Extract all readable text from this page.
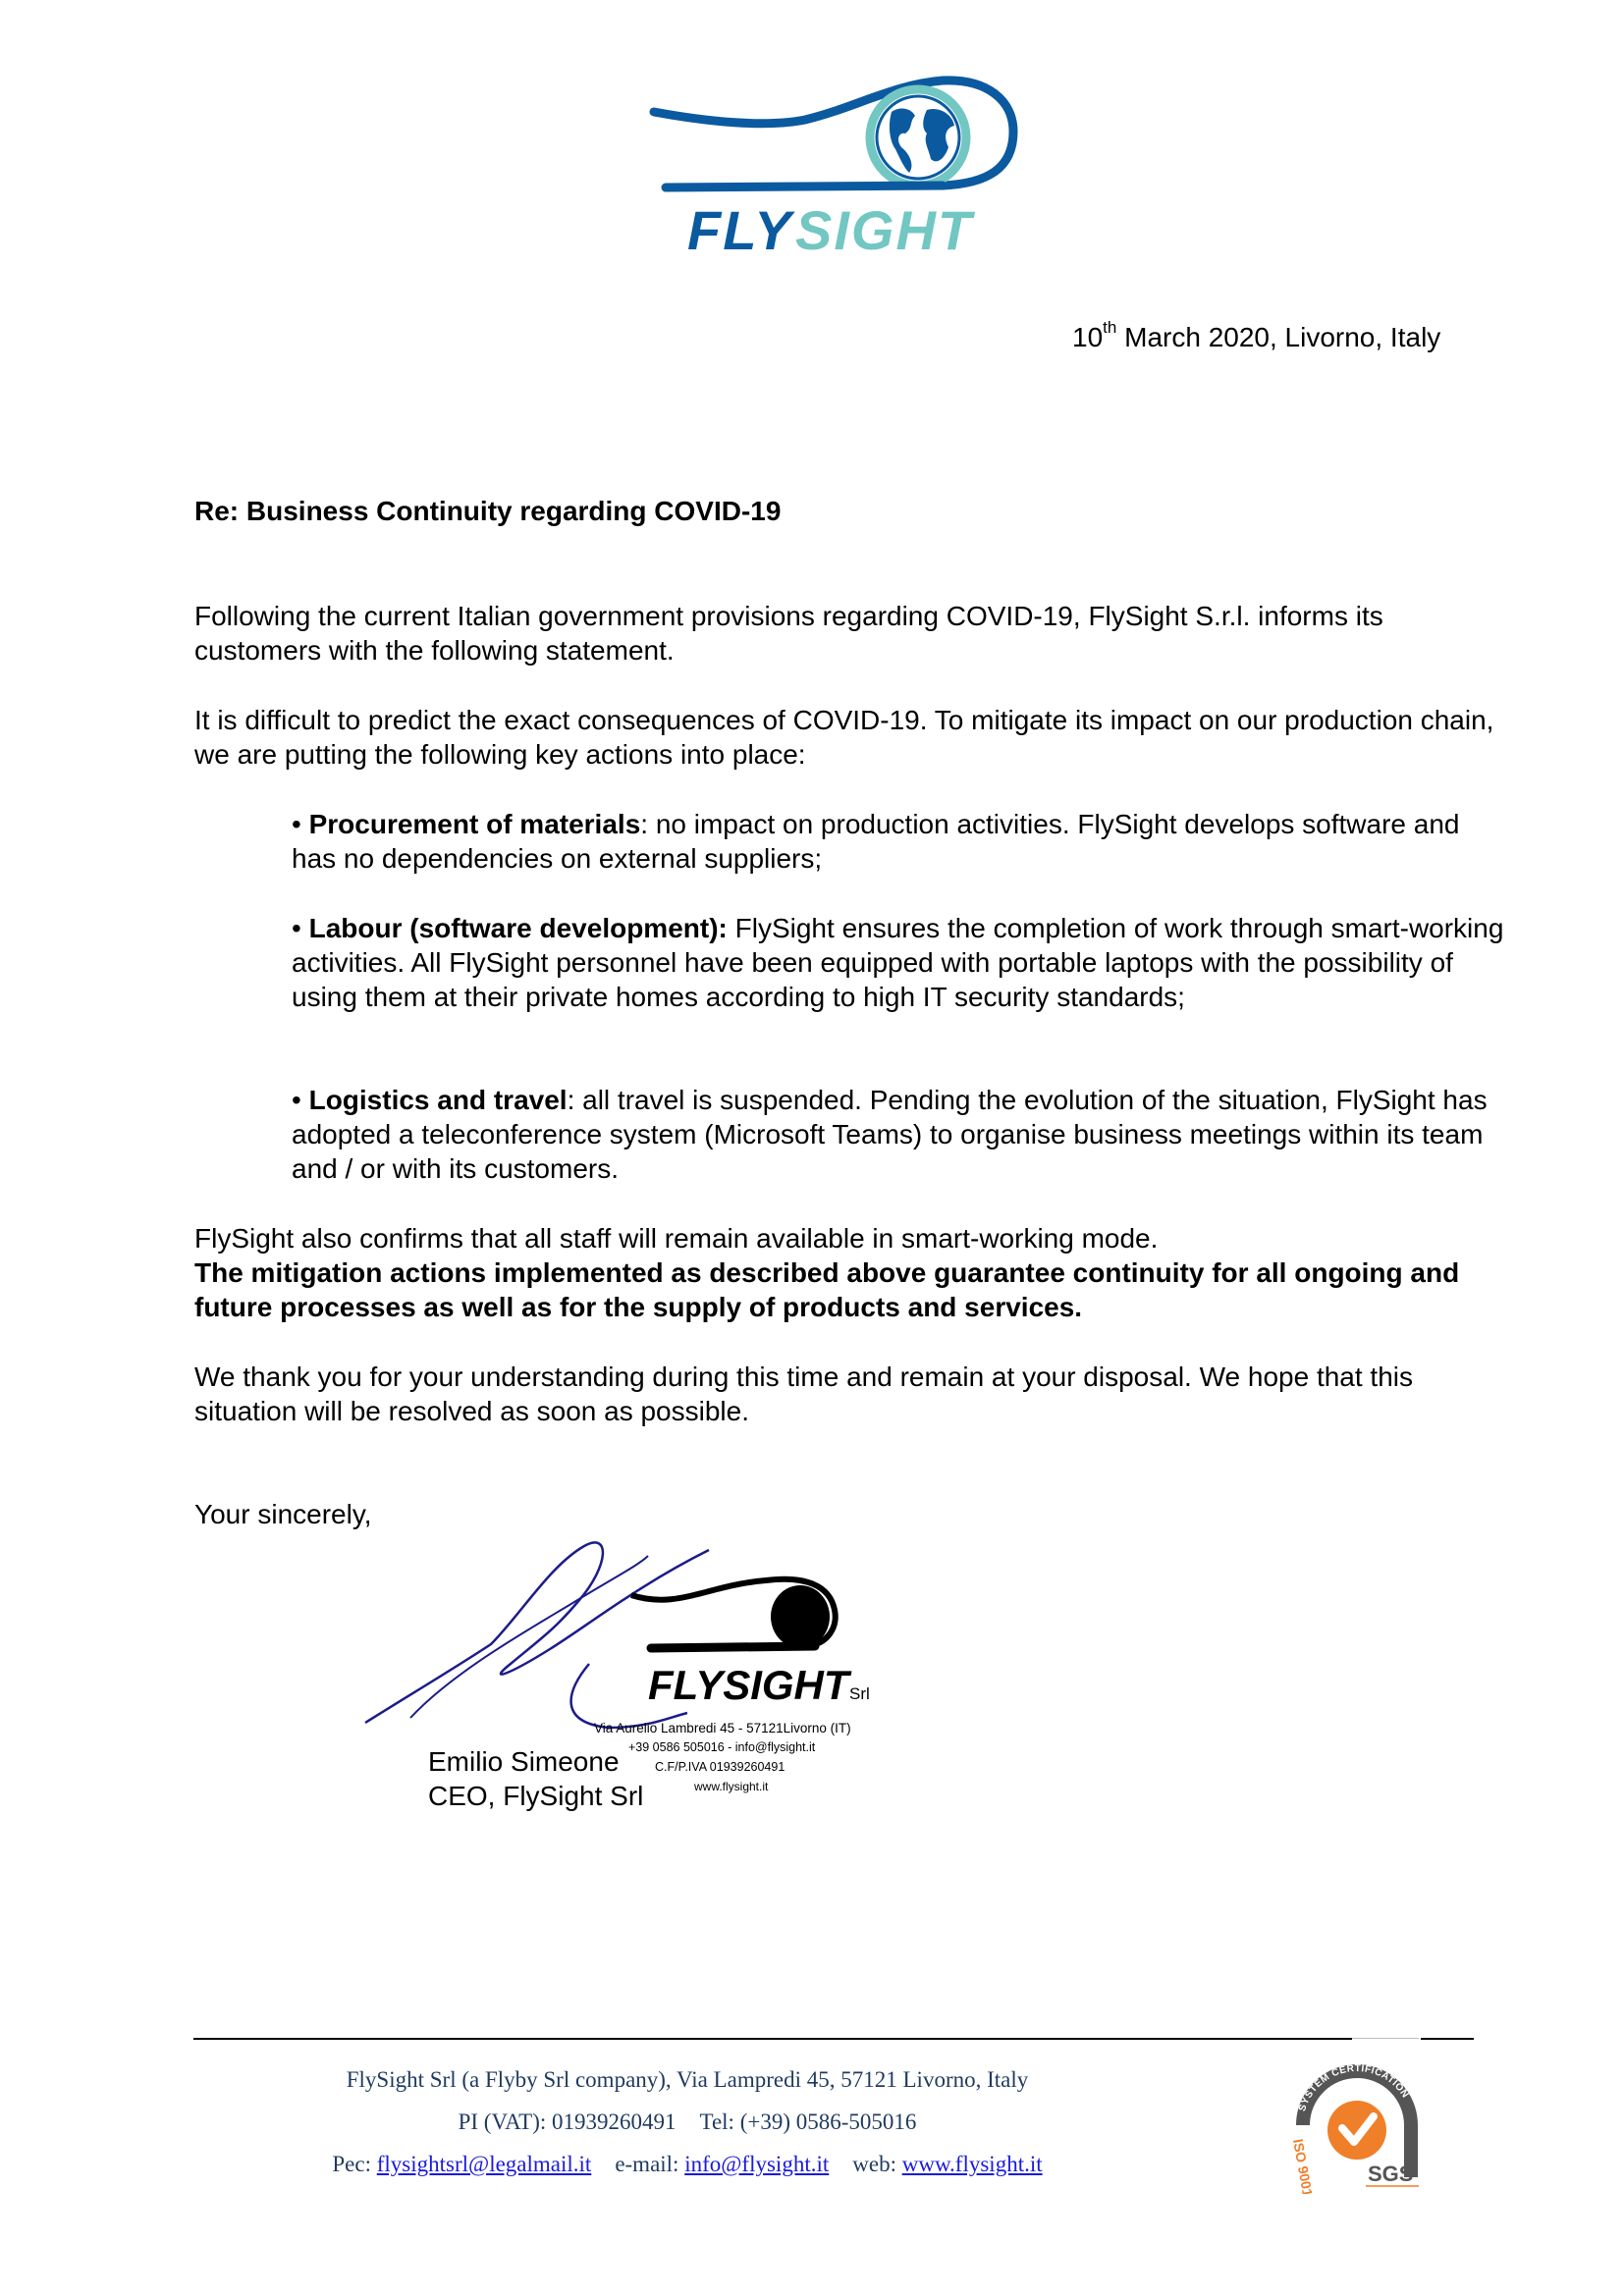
FLY SIGHT
10th March 2020, Livorno, Italy
Re: Business Continuity regarding COVID-19
Following the current Italian government provisions regarding COVID-19, FlySight S.r.l. informs its customers with the following statement.
It is difficult to predict the exact consequences of COVID-19. To mitigate its impact on our production chain, we are putting the following key actions into place:
• Procurement of materials: no impact on production activities. FlySight develops software and has no dependencies on external suppliers;
• Labour (software development): FlySight ensures the completion of work through smart-working activities. All FlySight personnel have been equipped with portable laptops with the possibility of using them at their private homes according to high IT security standards;
• Logistics and travel: all travel is suspended. Pending the evolution of the situation, FlySight has adopted a teleconference system (Microsoft Teams) to organise business meetings within its team and / or with its customers.
FlySight also confirms that all staff will remain available in smart-working mode.
The mitigation actions implemented as described above guarantee continuity for all ongoing and future processes as well as for the supply of products and services.
We thank you for your understanding during this time and remain at your disposal. We hope that this situation will be resolved as soon as possible.
Your sincerely,
FLYSIGHT Srl
Via Aurelio Lambredi 45 - 57121Livorno (IT)
+39 0586 505016 - info@flysight.it
C.F/P.IVA 01939260491
www.flysight.it
Emilio Simeone
CEO, FlySight Srl
FlySight Srl (a Flyby Srl company), Via Lampredi 45, 57121 Livorno, Italy
PI (VAT): 01939260491 Tel: (+39) 0586-505016
Pec: flysightsrl@legalmail.it e-mail: info@flysight.it web: www.flysight.it
SYSTEM CERTIFICATION
ISO 9001 SGS
